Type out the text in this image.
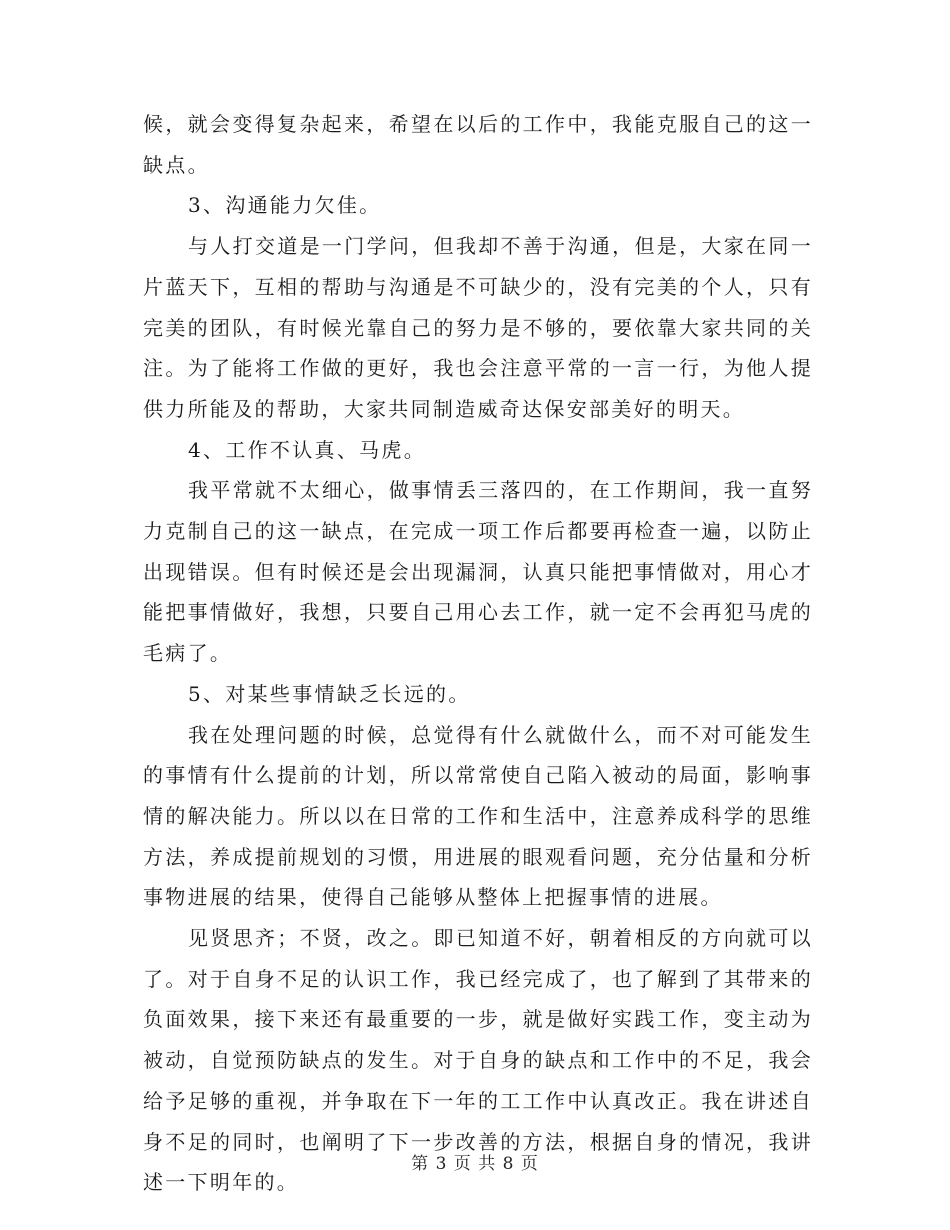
候，就会变得复杂起来，希望在以后的工作中，我能克服自己的这一缺点。

3、沟通能力欠佳。

与人打交道是一门学问，但我却不善于沟通，但是，大家在同一片蓝天下，互相的帮助与沟通是不可缺少的，没有完美的个人，只有完美的团队，有时候光靠自己的努力是不够的，要依靠大家共同的关注。为了能将工作做的更好，我也会注意平常的一言一行，为他人提供力所能及的帮助，大家共同制造威奇达保安部美好的明天。

4、工作不认真、马虎。

我平常就不太细心，做事情丢三落四的，在工作期间，我一直努力克制自己的这一缺点，在完成一项工作后都要再检查一遍，以防止出现错误。但有时候还是会出现漏洞，认真只能把事情做对，用心才能把事情做好，我想，只要自己用心去工作，就一定不会再犯马虎的毛病了。

5、对某些事情缺乏长远的。

我在处理问题的时候，总觉得有什么就做什么，而不对可能发生的事情有什么提前的计划，所以常常使自己陷入被动的局面，影响事情的解决能力。所以以在日常的工作和生活中，注意养成科学的思维方法，养成提前规划的习惯，用进展的眼观看问题，充分估量和分析事物进展的结果，使得自己能够从整体上把握事情的进展。

见贤思齐；不贤，改之。即已知道不好，朝着相反的方向就可以了。对于自身不足的认识工作，我已经完成了，也了解到了其带来的负面效果，接下来还有最重要的一步，就是做好实践工作，变主动为被动，自觉预防缺点的发生。对于自身的缺点和工作中的不足，我会给予足够的重视，并争取在下一年的工工作中认真改正。我在讲述自身不足的同时，也阐明了下一步改善的方法，根据自身的情况，我讲述一下明年的。

第 3 页 共 8 页
